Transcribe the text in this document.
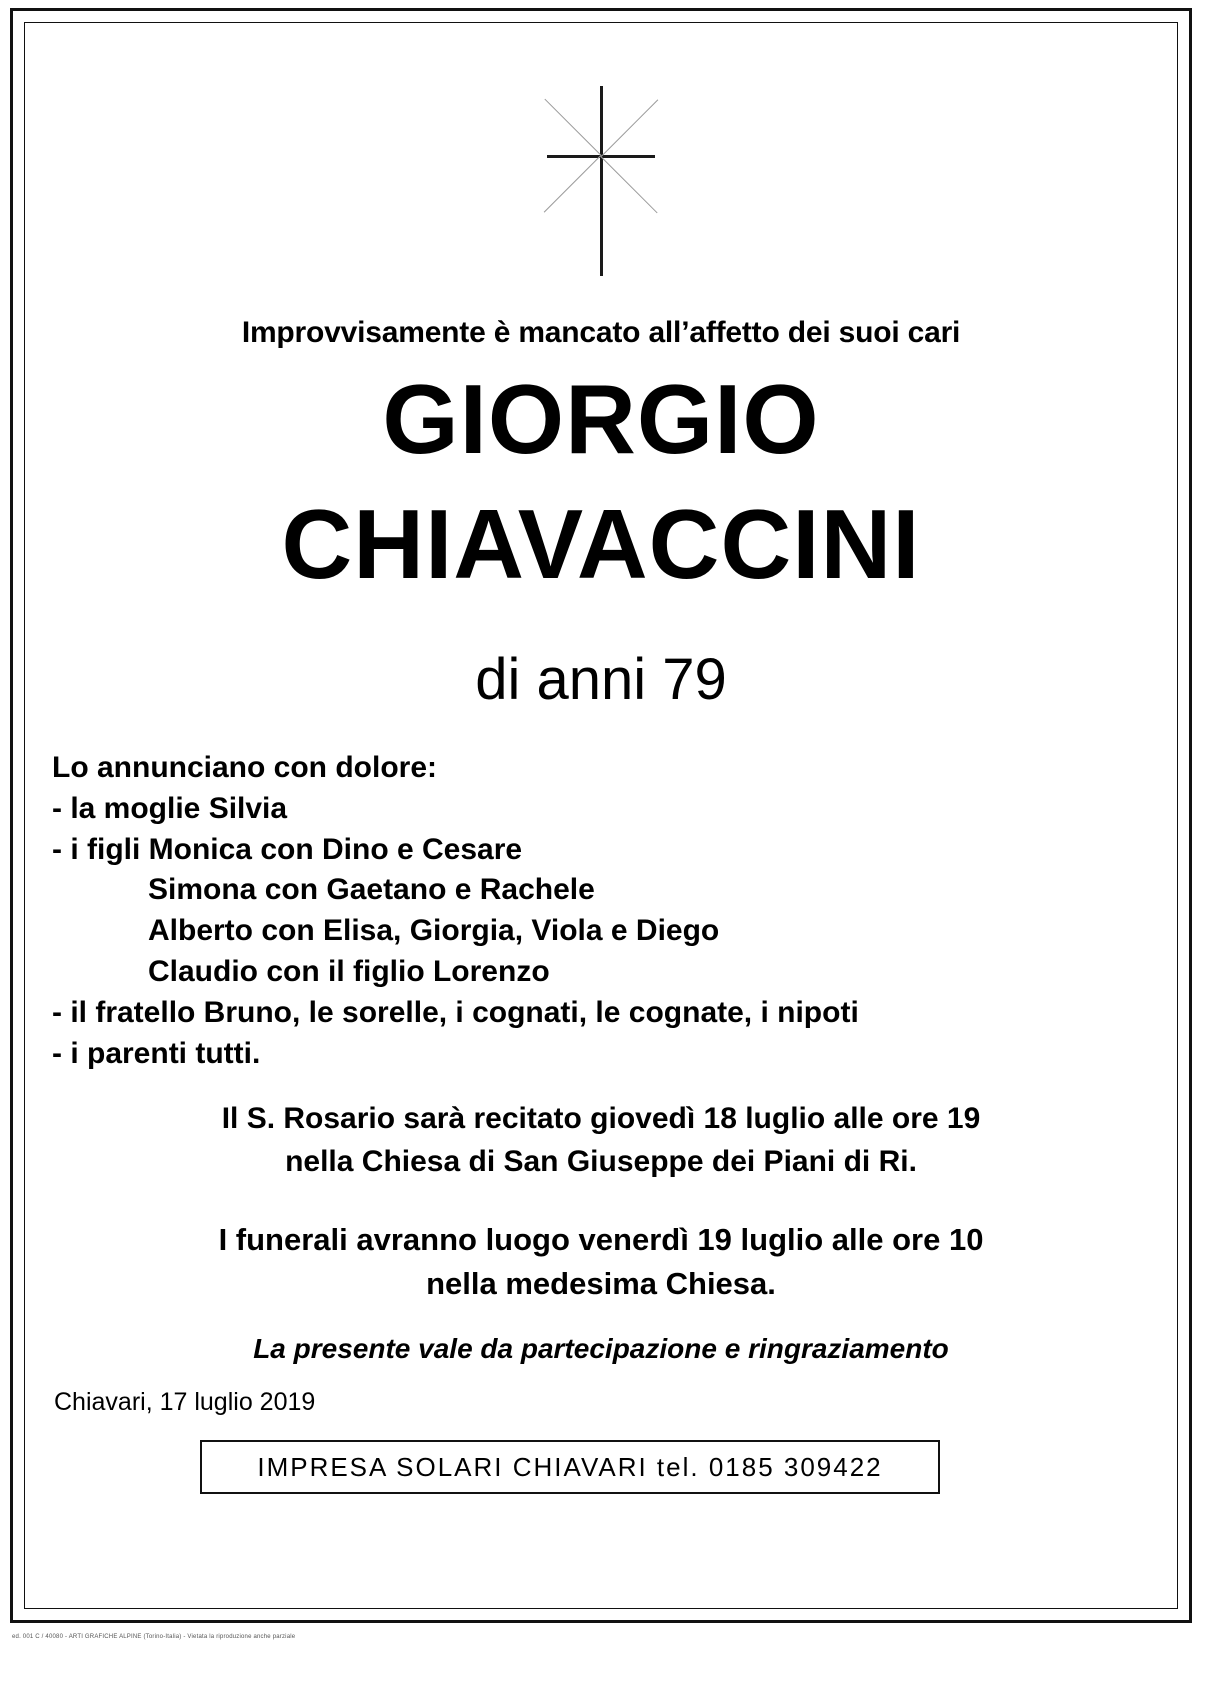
Improvvisamente è mancato all’affetto dei suoi cari
GIORGIO
CHIAVACCINI
di anni 79
Lo annunciano con dolore:
- la moglie Silvia
- i figli Monica con Dino e Cesare
Simona con Gaetano e Rachele
Alberto con Elisa, Giorgia, Viola e Diego
Claudio con il figlio Lorenzo
- il fratello Bruno, le sorelle, i cognati, le cognate, i nipoti
- i parenti tutti.
Il S. Rosario sarà recitato giovedì 18 luglio alle ore 19
nella Chiesa di San Giuseppe dei Piani di Ri.
I funerali avranno luogo venerdì 19 luglio alle ore 10
nella medesima Chiesa.
La presente vale da partecipazione e ringraziamento
Chiavari, 17 luglio 2019
IMPRESA SOLARI CHIAVARI tel. 0185 309422
ed. 001 C / 40080 - ARTI GRAFICHE ALPINE (Torino-Italia) - Vietata la riproduzione anche parziale
